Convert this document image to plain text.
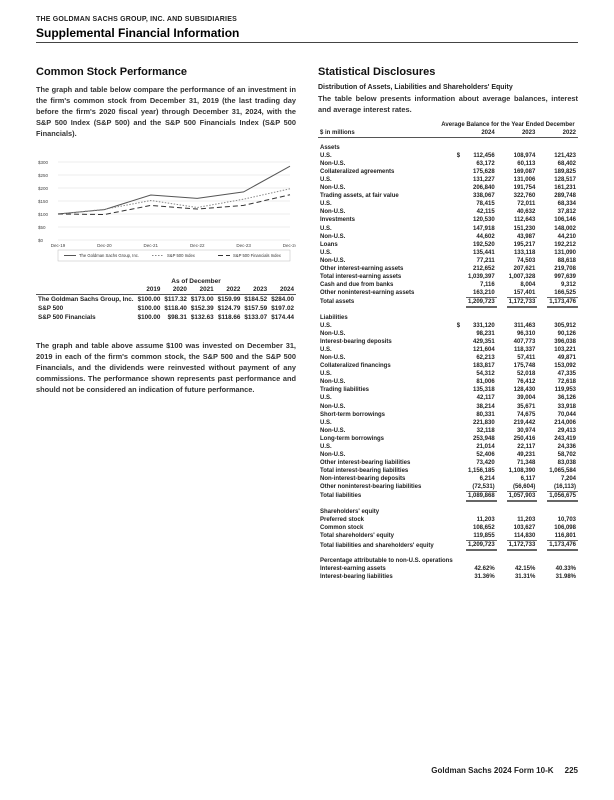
THE GOLDMAN SACHS GROUP, INC. AND SUBSIDIARIES
Supplemental Financial Information
Common Stock Performance

The graph and table below compare the performance of an investment in the firm's common stock from December 31, 2019 (the last trading day before the firm's 2020 fiscal year) through December 31, 2024, with the S&P 500 Index (S&P 500) and the S&P 500 Financials Index (S&P 500 Financials).

$0
$50
$100
$150
$200
$250
$300
Dec-19	Dec-20	Dec-21	Dec-22	Dec-23	Dec-24
The Goldman Sachs Group, Inc.	S&P 500 Index	S&P 500 Financials Index
As of December
	2019	2020	2021	2022	2023	2024
The Goldman Sachs Group, Inc.	$100.00	$117.32	$173.00	$159.99	$184.52	$284.00
S&P 500	$100.00	$118.40	$152.39	$124.79	$157.59	$197.02
S&P 500 Financials	$100.00	$98.31	$132.63	$118.66	$133.07	$174.44

The graph and table above assume $100 was invested on December 31, 2019 in each of the firm's common stock, the S&P 500 and the S&P 500 Financials, and the dividends were reinvested without payment of any commissions. The performance shown represents past performance and should not be considered an indication of future performance.

Statistical Disclosures
Distribution of Assets, Liabilities and Shareholders' Equity

The table below presents information about average balances, interest and average interest rates.

Average Balance for the Year Ended December
$ in millions		2024		2023		2022
Assets						
U.S.	$	112,456		108,974		121,423
Non-U.S.		63,172		60,113		68,402
Collateralized agreements		175,628		169,087		189,825
U.S.		131,227		131,006		128,517
Non-U.S.		206,840		191,754		161,231
Trading assets, at fair value		338,067		322,760		289,748
U.S.		78,415		72,011		68,334
Non-U.S.		42,115		40,632		37,812
Investments		120,530		112,643		106,146
U.S.		147,918		151,230		148,002
Non-U.S.		44,602		43,987		44,210
Loans		192,520		195,217		192,212
U.S.		135,441		133,118		131,090
Non-U.S.		77,211		74,503		88,618
Other interest-earning assets		212,652		207,621		219,708
Total interest-earning assets		1,039,397		1,007,328		997,639
Cash and due from banks		7,116		8,004		9,312
Other noninterest-earning assets		163,210		157,401		166,525
Total assets		1,209,723		1,172,733		1,173,476
Liabilities						
U.S.	$	331,120		311,463		305,912
Non-U.S.		98,231		96,310		90,126
Interest-bearing deposits		429,351		407,773		396,038
U.S.		121,604		118,337		103,221
Non-U.S.		62,213		57,411		49,871
Collateralized financings		183,817		175,748		153,092
U.S.		54,312		52,018		47,335
Non-U.S.		81,006		76,412		72,618
Trading liabilities		135,318		128,430		119,953
U.S.		42,117		39,004		36,126
Non-U.S.		38,214		35,671		33,918
Short-term borrowings		80,331		74,675		70,044
U.S.		221,830		219,442		214,006
Non-U.S.		32,118		30,974		29,413
Long-term borrowings		253,948		250,416		243,419
U.S.		21,014		22,117		24,336
Non-U.S.		52,406		49,231		58,702
Other interest-bearing liabilities		73,420		71,348		83,038
Total interest-bearing liabilities		1,156,185		1,108,390		1,065,584
Non-interest-bearing deposits		6,214		6,117		7,204
Other noninterest-bearing liabilities		(72,531)		(56,604)		(16,113)
Total liabilities		1,089,868		1,057,903		1,056,675
Shareholders' equity						
Preferred stock		11,203		11,203		10,703
Common stock		108,652		103,627		106,098
Total shareholders' equity		119,855		114,830		116,801
Total liabilities and shareholders' equity		1,209,723		1,172,733		1,173,476
Percentage attributable to non-U.S. operations						
Interest-earning assets		42.62%		42.15%		40.33%
Interest-bearing liabilities		31.36%		31.31%		31.98%
Goldman Sachs 2024 Form 10-K 225
